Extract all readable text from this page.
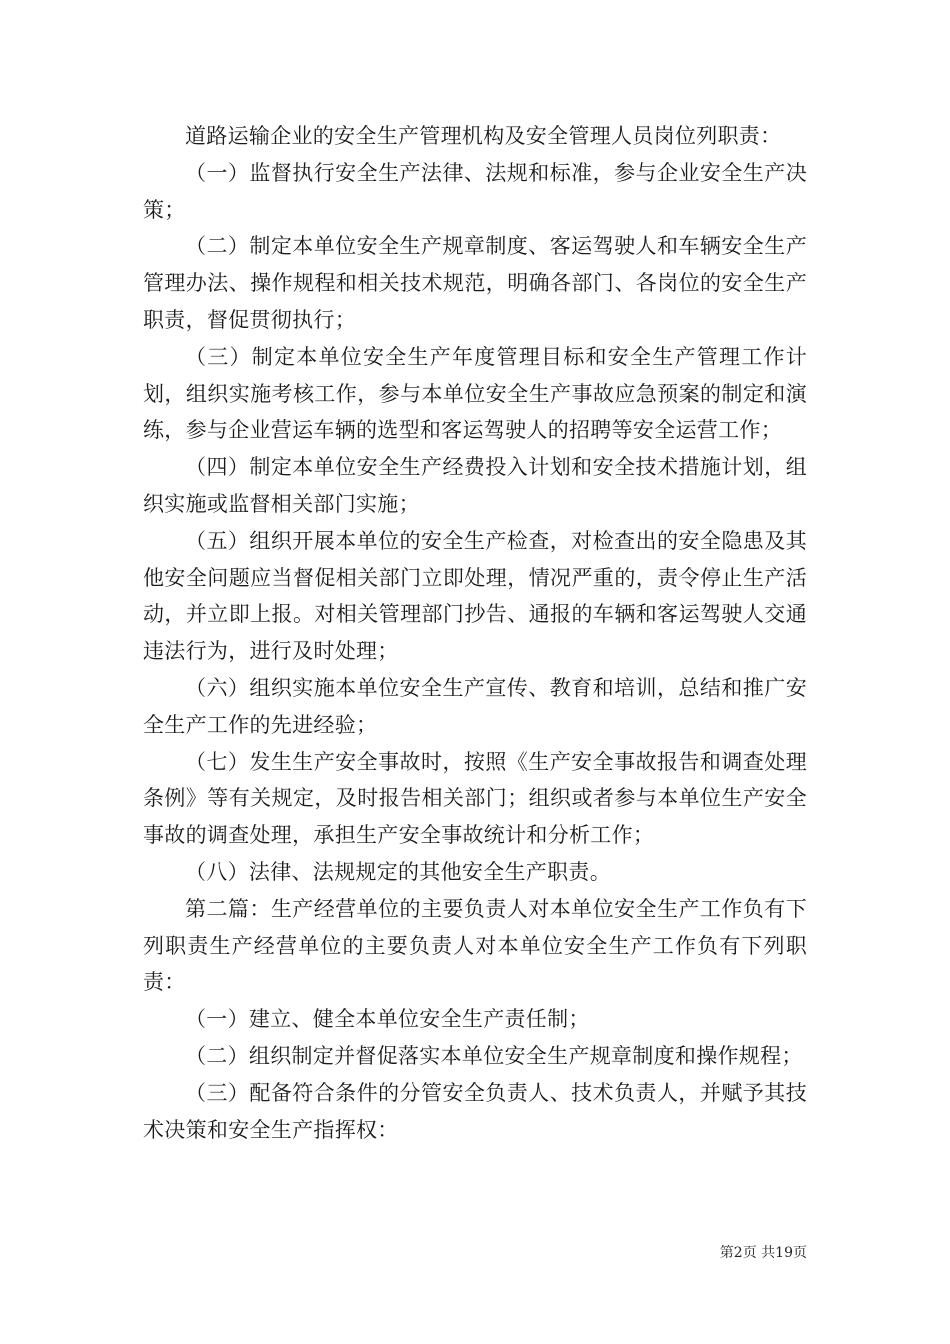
道路运输企业的安全生产管理机构及安全管理人员岗位列职责：

（一）监督执行安全生产法律、法规和标准，参与企业安全生产决策；

（二）制定本单位安全生产规章制度、客运驾驶人和车辆安全生产管理办法、操作规程和相关技术规范，明确各部门、各岗位的安全生产职责，督促贯彻执行；

（三）制定本单位安全生产年度管理目标和安全生产管理工作计划，组织实施考核工作，参与本单位安全生产事故应急预案的制定和演练，参与企业营运车辆的选型和客运驾驶人的招聘等安全运营工作；

（四）制定本单位安全生产经费投入计划和安全技术措施计划，组织实施或监督相关部门实施；

（五）组织开展本单位的安全生产检查，对检查出的安全隐患及其他安全问题应当督促相关部门立即处理，情况严重的，责令停止生产活动，并立即上报。对相关管理部门抄告、通报的车辆和客运驾驶人交通违法行为，进行及时处理；

（六）组织实施本单位安全生产宣传、教育和培训，总结和推广安全生产工作的先进经验；

（七）发生生产安全事故时，按照《生产安全事故报告和调查处理条例》等有关规定，及时报告相关部门；组织或者参与本单位生产安全事故的调查处理，承担生产安全事故统计和分析工作；

（八）法律、法规规定的其他安全生产职责。

第二篇：生产经营单位的主要负责人对本单位安全生产工作负有下列职责生产经营单位的主要负责人对本单位安全生产工作负有下列职责：

（一）建立、健全本单位安全生产责任制；

（二）组织制定并督促落实本单位安全生产规章制度和操作规程；

（三）配备符合条件的分管安全负责人、技术负责人，并赋予其技术决策和安全生产指挥权：

第2页 共19页
